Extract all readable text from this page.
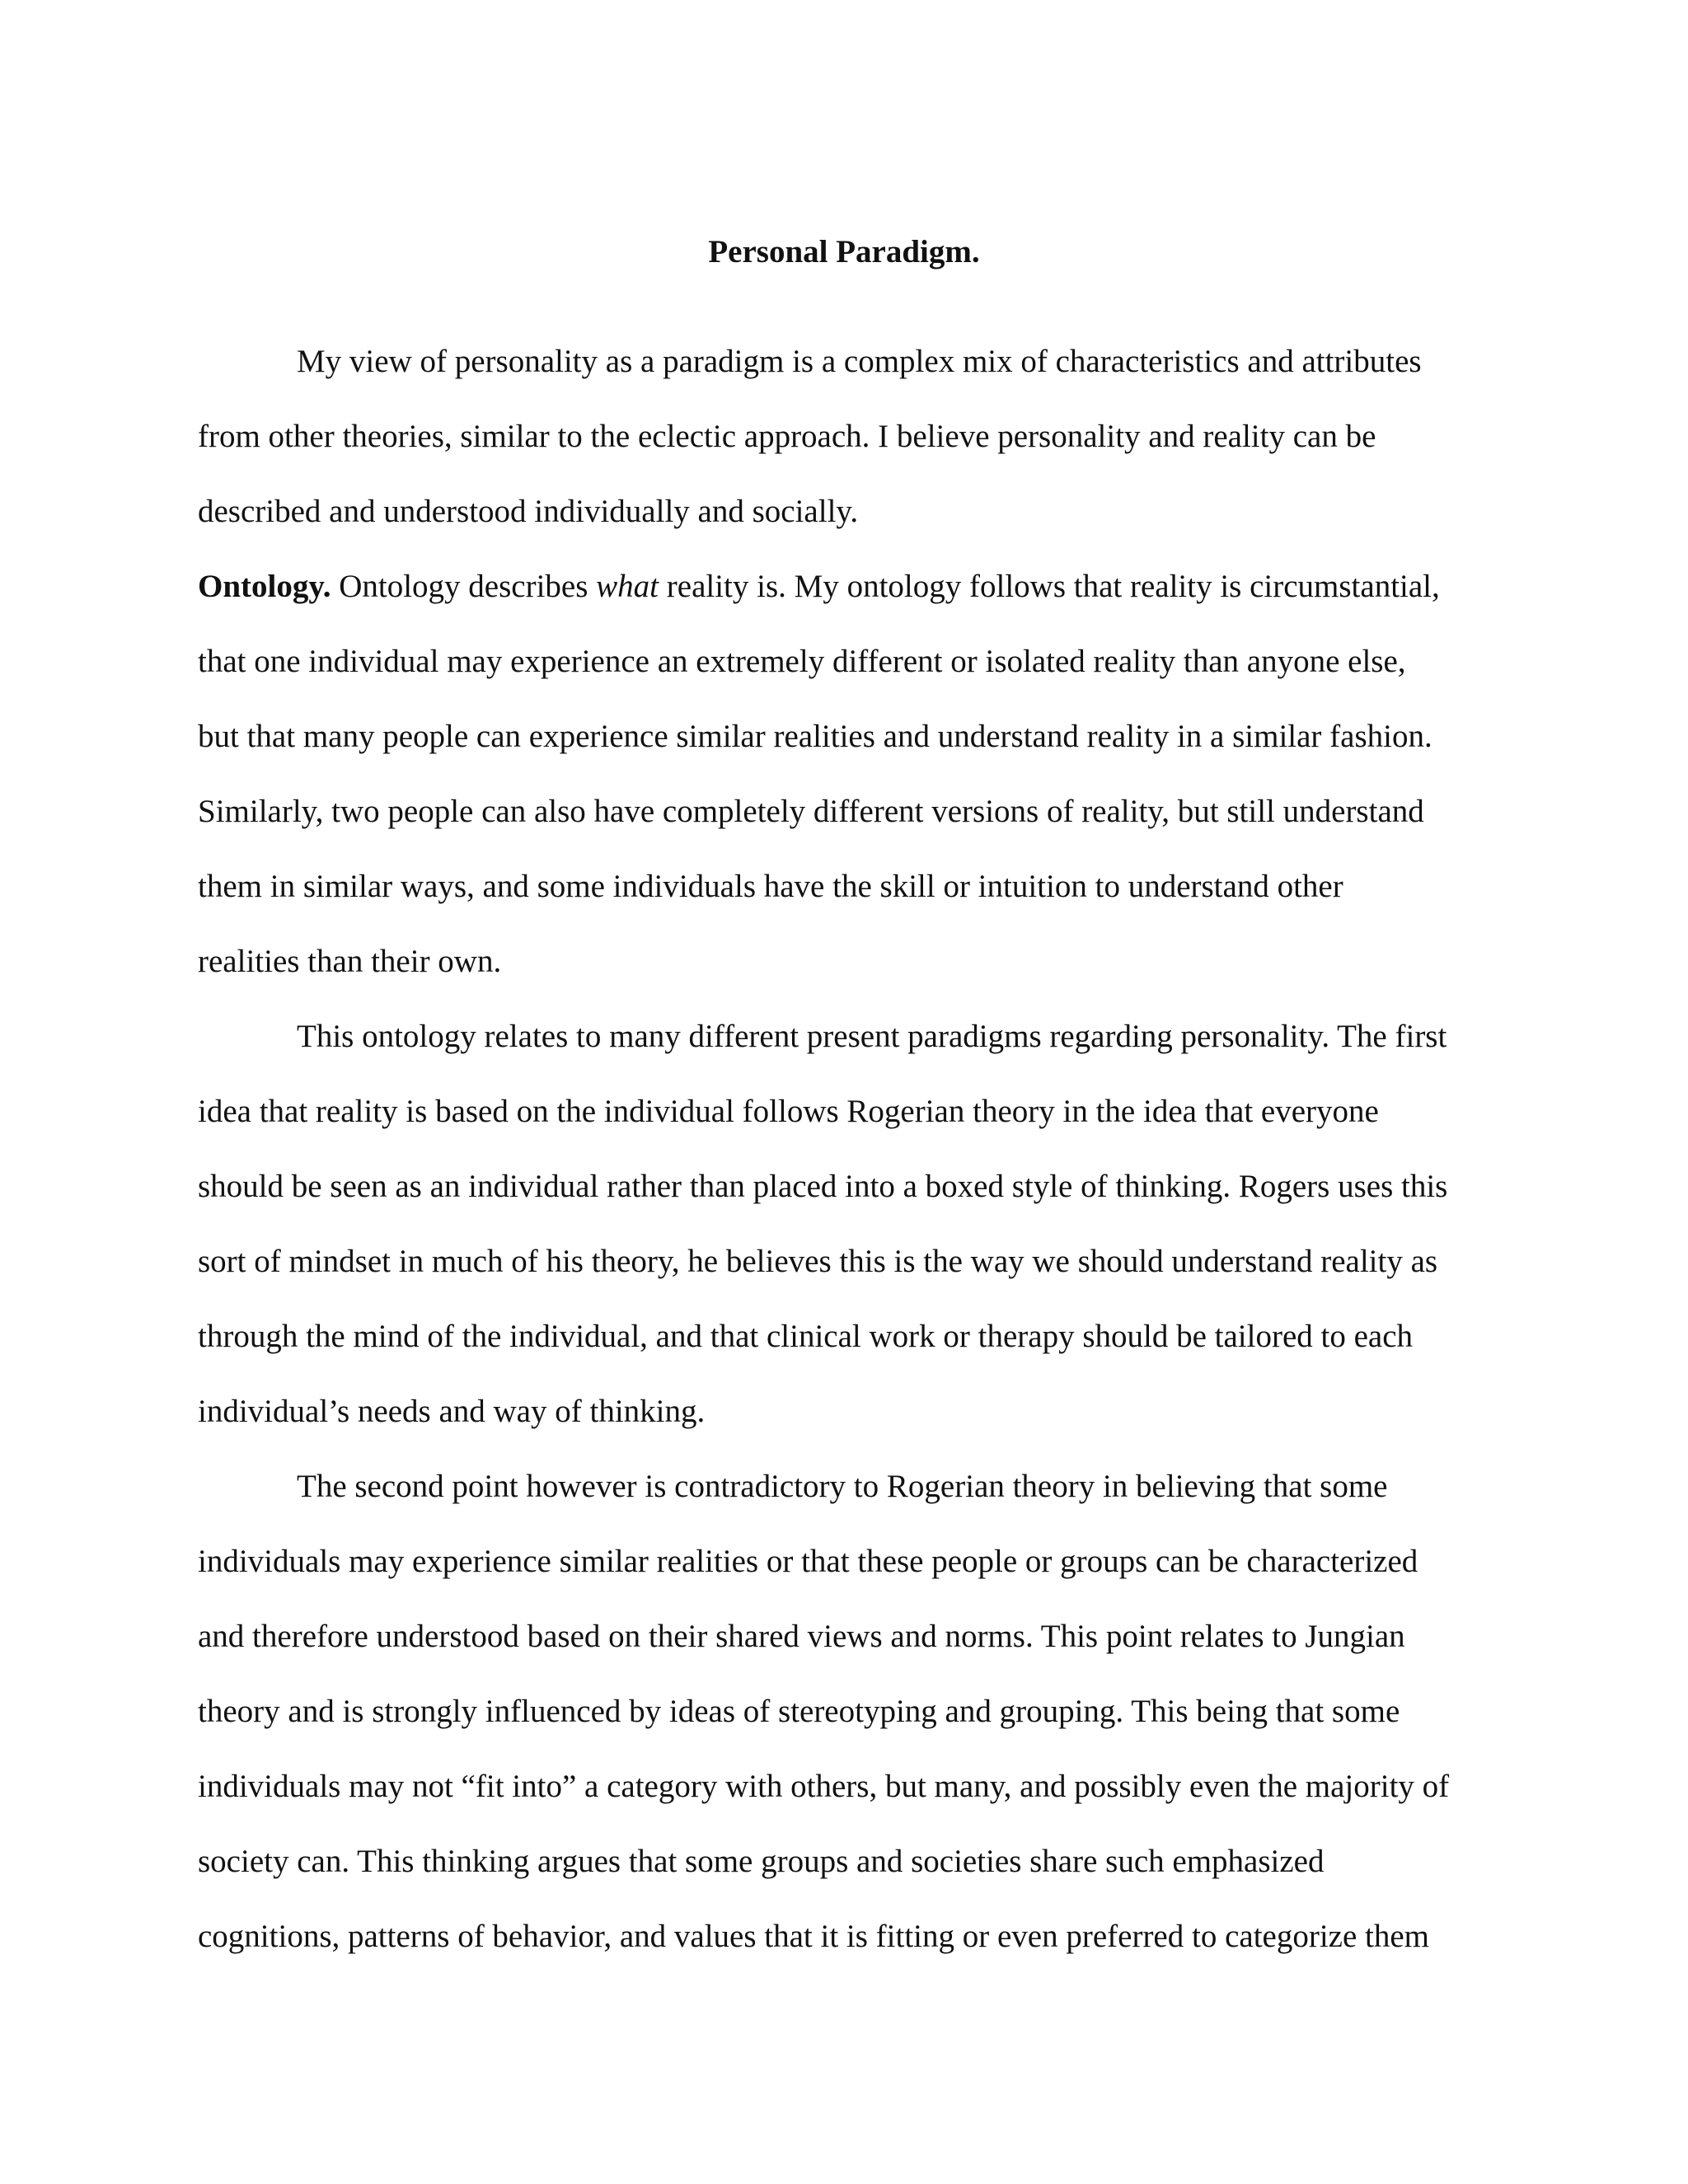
Personal Paradigm.
My view of personality as a paradigm is a complex mix of characteristics and attributes
from other theories, similar to the eclectic approach. I believe personality and reality can be
described and understood individually and socially.
Ontology. Ontology describes what reality is. My ontology follows that reality is circumstantial,
that one individual may experience an extremely different or isolated reality than anyone else,
but that many people can experience similar realities and understand reality in a similar fashion.
Similarly, two people can also have completely different versions of reality, but still understand
them in similar ways, and some individuals have the skill or intuition to understand other
realities than their own.
This ontology relates to many different present paradigms regarding personality. The first
idea that reality is based on the individual follows Rogerian theory in the idea that everyone
should be seen as an individual rather than placed into a boxed style of thinking. Rogers uses this
sort of mindset in much of his theory, he believes this is the way we should understand reality as
through the mind of the individual, and that clinical work or therapy should be tailored to each
individual’s needs and way of thinking.
The second point however is contradictory to Rogerian theory in believing that some
individuals may experience similar realities or that these people or groups can be characterized
and therefore understood based on their shared views and norms. This point relates to Jungian
theory and is strongly influenced by ideas of stereotyping and grouping. This being that some
individuals may not “fit into” a category with others, but many, and possibly even the majority of
society can. This thinking argues that some groups and societies share such emphasized
cognitions, patterns of behavior, and values that it is fitting or even preferred to categorize them
